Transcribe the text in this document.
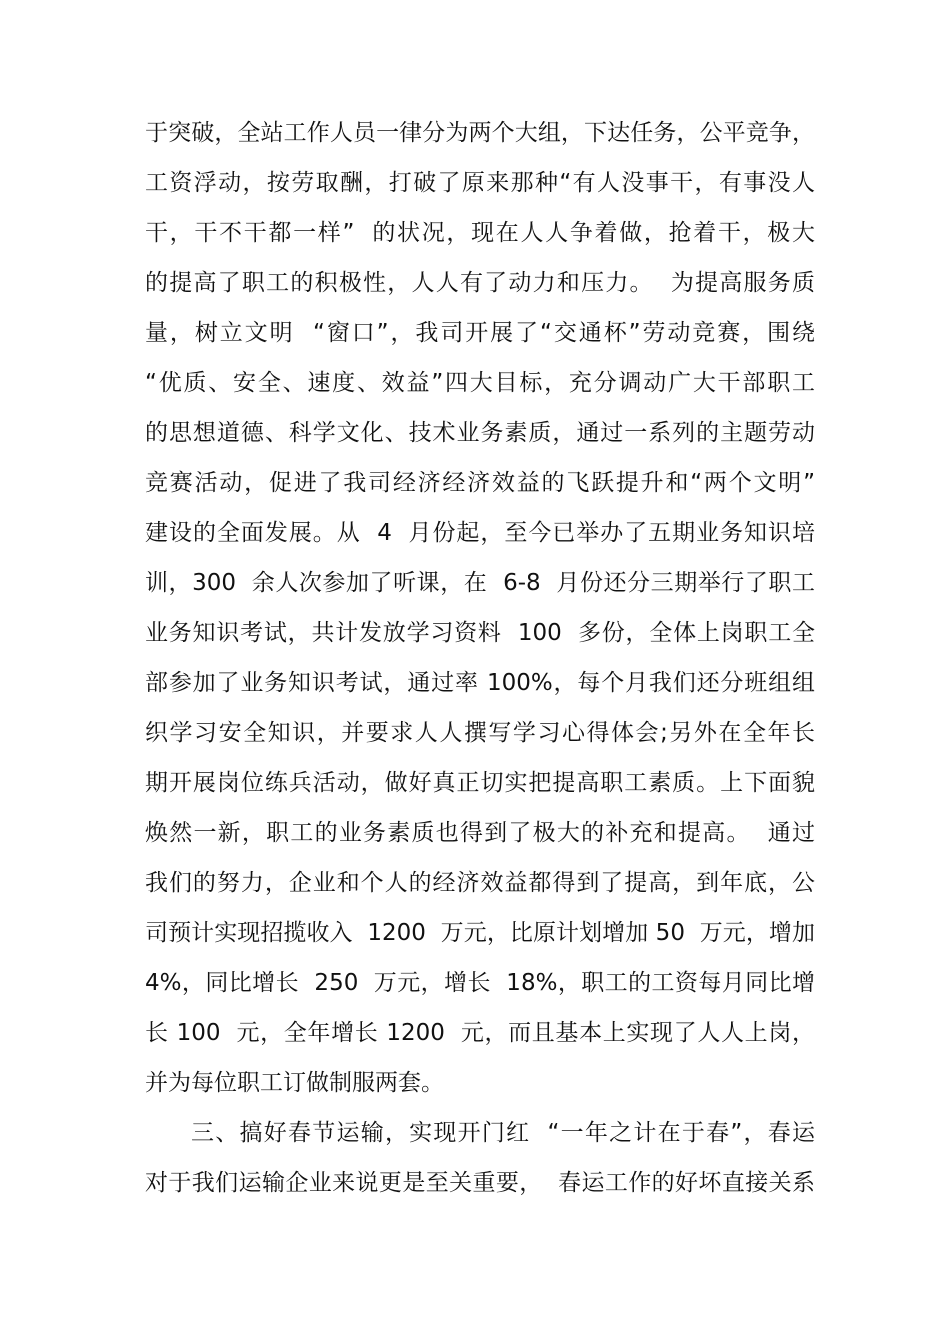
于突破，全站工作人员一律分为两个大组，下达任务，公平竞争，
工资浮动，按劳取酬，打破了原来那种“有人没事干，有事没人
干，干不干都一样”  的状况，现在人人争着做，抢着干，极大
的提高了职工的积极性，人人有了动力和压力。  为提高服务质
量，树立文明  “窗口”，我司开展了“交通杯”劳动竞赛，围绕
“优质、安全、速度、效益”四大目标，充分调动广大干部职工
的思想道德、科学文化、技术业务素质，通过一系列的主题劳动
竞赛活动，促进了我司经济经济效益的飞跃提升和“两个文明”
建设的全面发展。从  4  月份起，至今已举办了五期业务知识培
训，300  余人次参加了听课，在  6-8  月份还分三期举行了职工
业务知识考试，共计发放学习资料  100  多份，全体上岗职工全
部参加了业务知识考试，通过率 100%，每个月我们还分班组组
织学习安全知识，并要求人人撰写学习心得体会;另外在全年长
期开展岗位练兵活动，做好真正切实把提高职工素质。上下面貌
焕然一新，职工的业务素质也得到了极大的补充和提高。  通过
我们的努力，企业和个人的经济效益都得到了提高，到年底，公
司预计实现招揽收入  1200  万元，比原计划增加 50  万元，增加
4%，同比增长  250  万元，增长  18%，职工的工资每月同比增
长 100  元，全年增长 1200  元，而且基本上实现了人人上岗，
并为每位职工订做制服两套。
三、搞好春节运输，实现开门红  “一年之计在于春”，春运
对于我们运输企业来说更是至关重要，  春运工作的好坏直接关系
